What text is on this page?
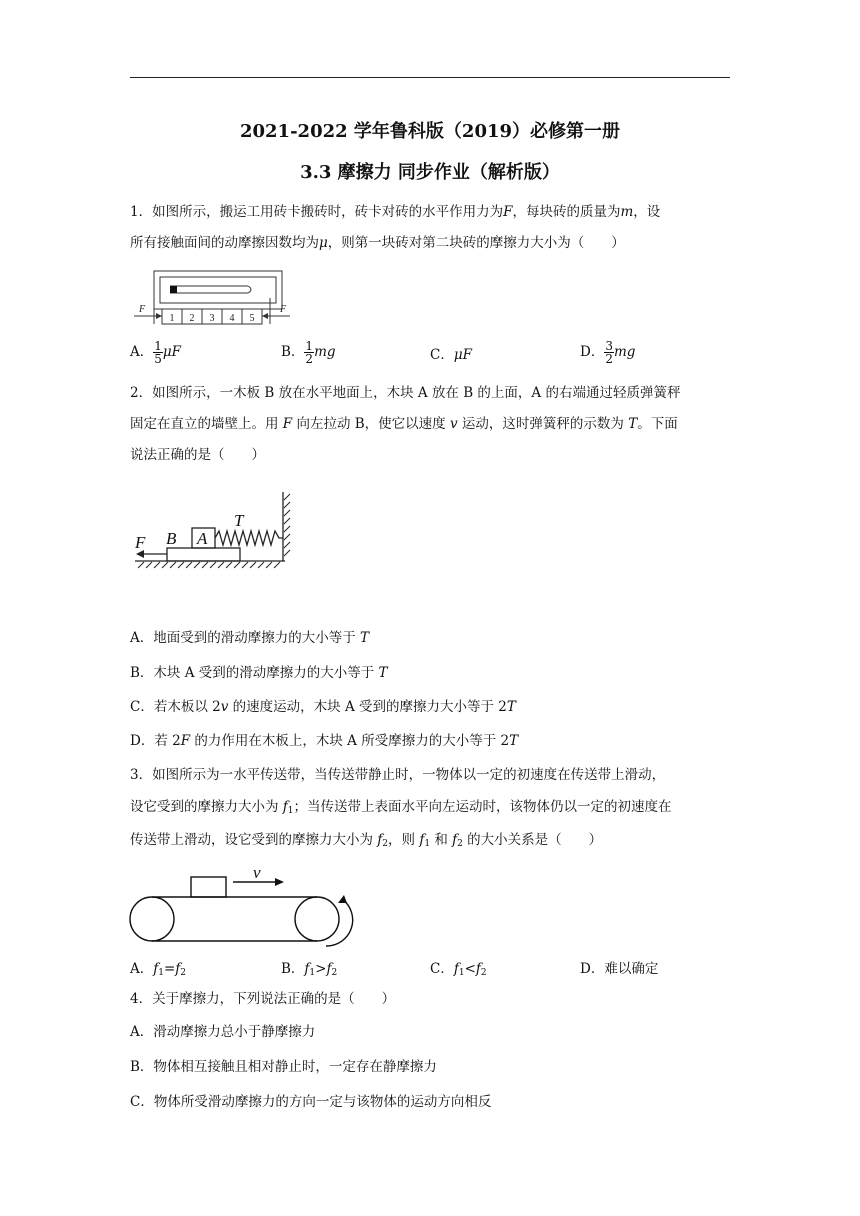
2021-2022 学年鲁科版（2019）必修第一册
3.3 摩擦力 同步作业（解析版）
1．如图所示，搬运工用砖卡搬砖时，砖卡对砖的水平作用力为F，每块砖的质量为m，设
所有接触面间的动摩擦因数均为μ，则第一块砖对第二块砖的摩擦力大小为（　　）
1 2 3 4 5
F	F
A． $\frac{1}{5}$ μF	B． $\frac{1}{2}$ mg	C．μF	D． $\frac{3}{2}$ mg
2．如图所示，一木板 B 放在水平地面上，木块 A 放在 B 的上面，A 的右端通过轻质弹簧秤
固定在直立的墙壁上。用 F 向左拉动 B，使它以速度 v 运动，这时弹簧秤的示数为 T。下面
说法正确的是（　　）
F B A
T
A．地面受到的滑动摩擦力的大小等于 T
B．木块 A 受到的滑动摩擦力的大小等于 T
C．若木板以 2v 的速度运动，木块 A 受到的摩擦力大小等于 2T
D．若 2F 的力作用在木板上，木块 A 所受摩擦力的大小等于 2T
3．如图所示为一水平传送带，当传送带静止时，一物体以一定的初速度在传送带上滑动，
设它受到的摩擦力大小为 $f_1$；当传送带上表面水平向左运动时，该物体仍以一定的初速度在
传送带上滑动，设它受到的摩擦力大小为 $f_2$，则 $f_1$ 和 $f_2$ 的大小关系是（　　）
v
A．$f_1=f_2$	B．$f_1>f_2$	C．$f_1<f_2$	D．难以确定
4．关于摩擦力，下列说法正确的是（　　）
A．滑动摩擦力总小于静摩擦力
B．物体相互接触且相对静止时，一定存在静摩擦力
C．物体所受滑动摩擦力的方向一定与该物体的运动方向相反
